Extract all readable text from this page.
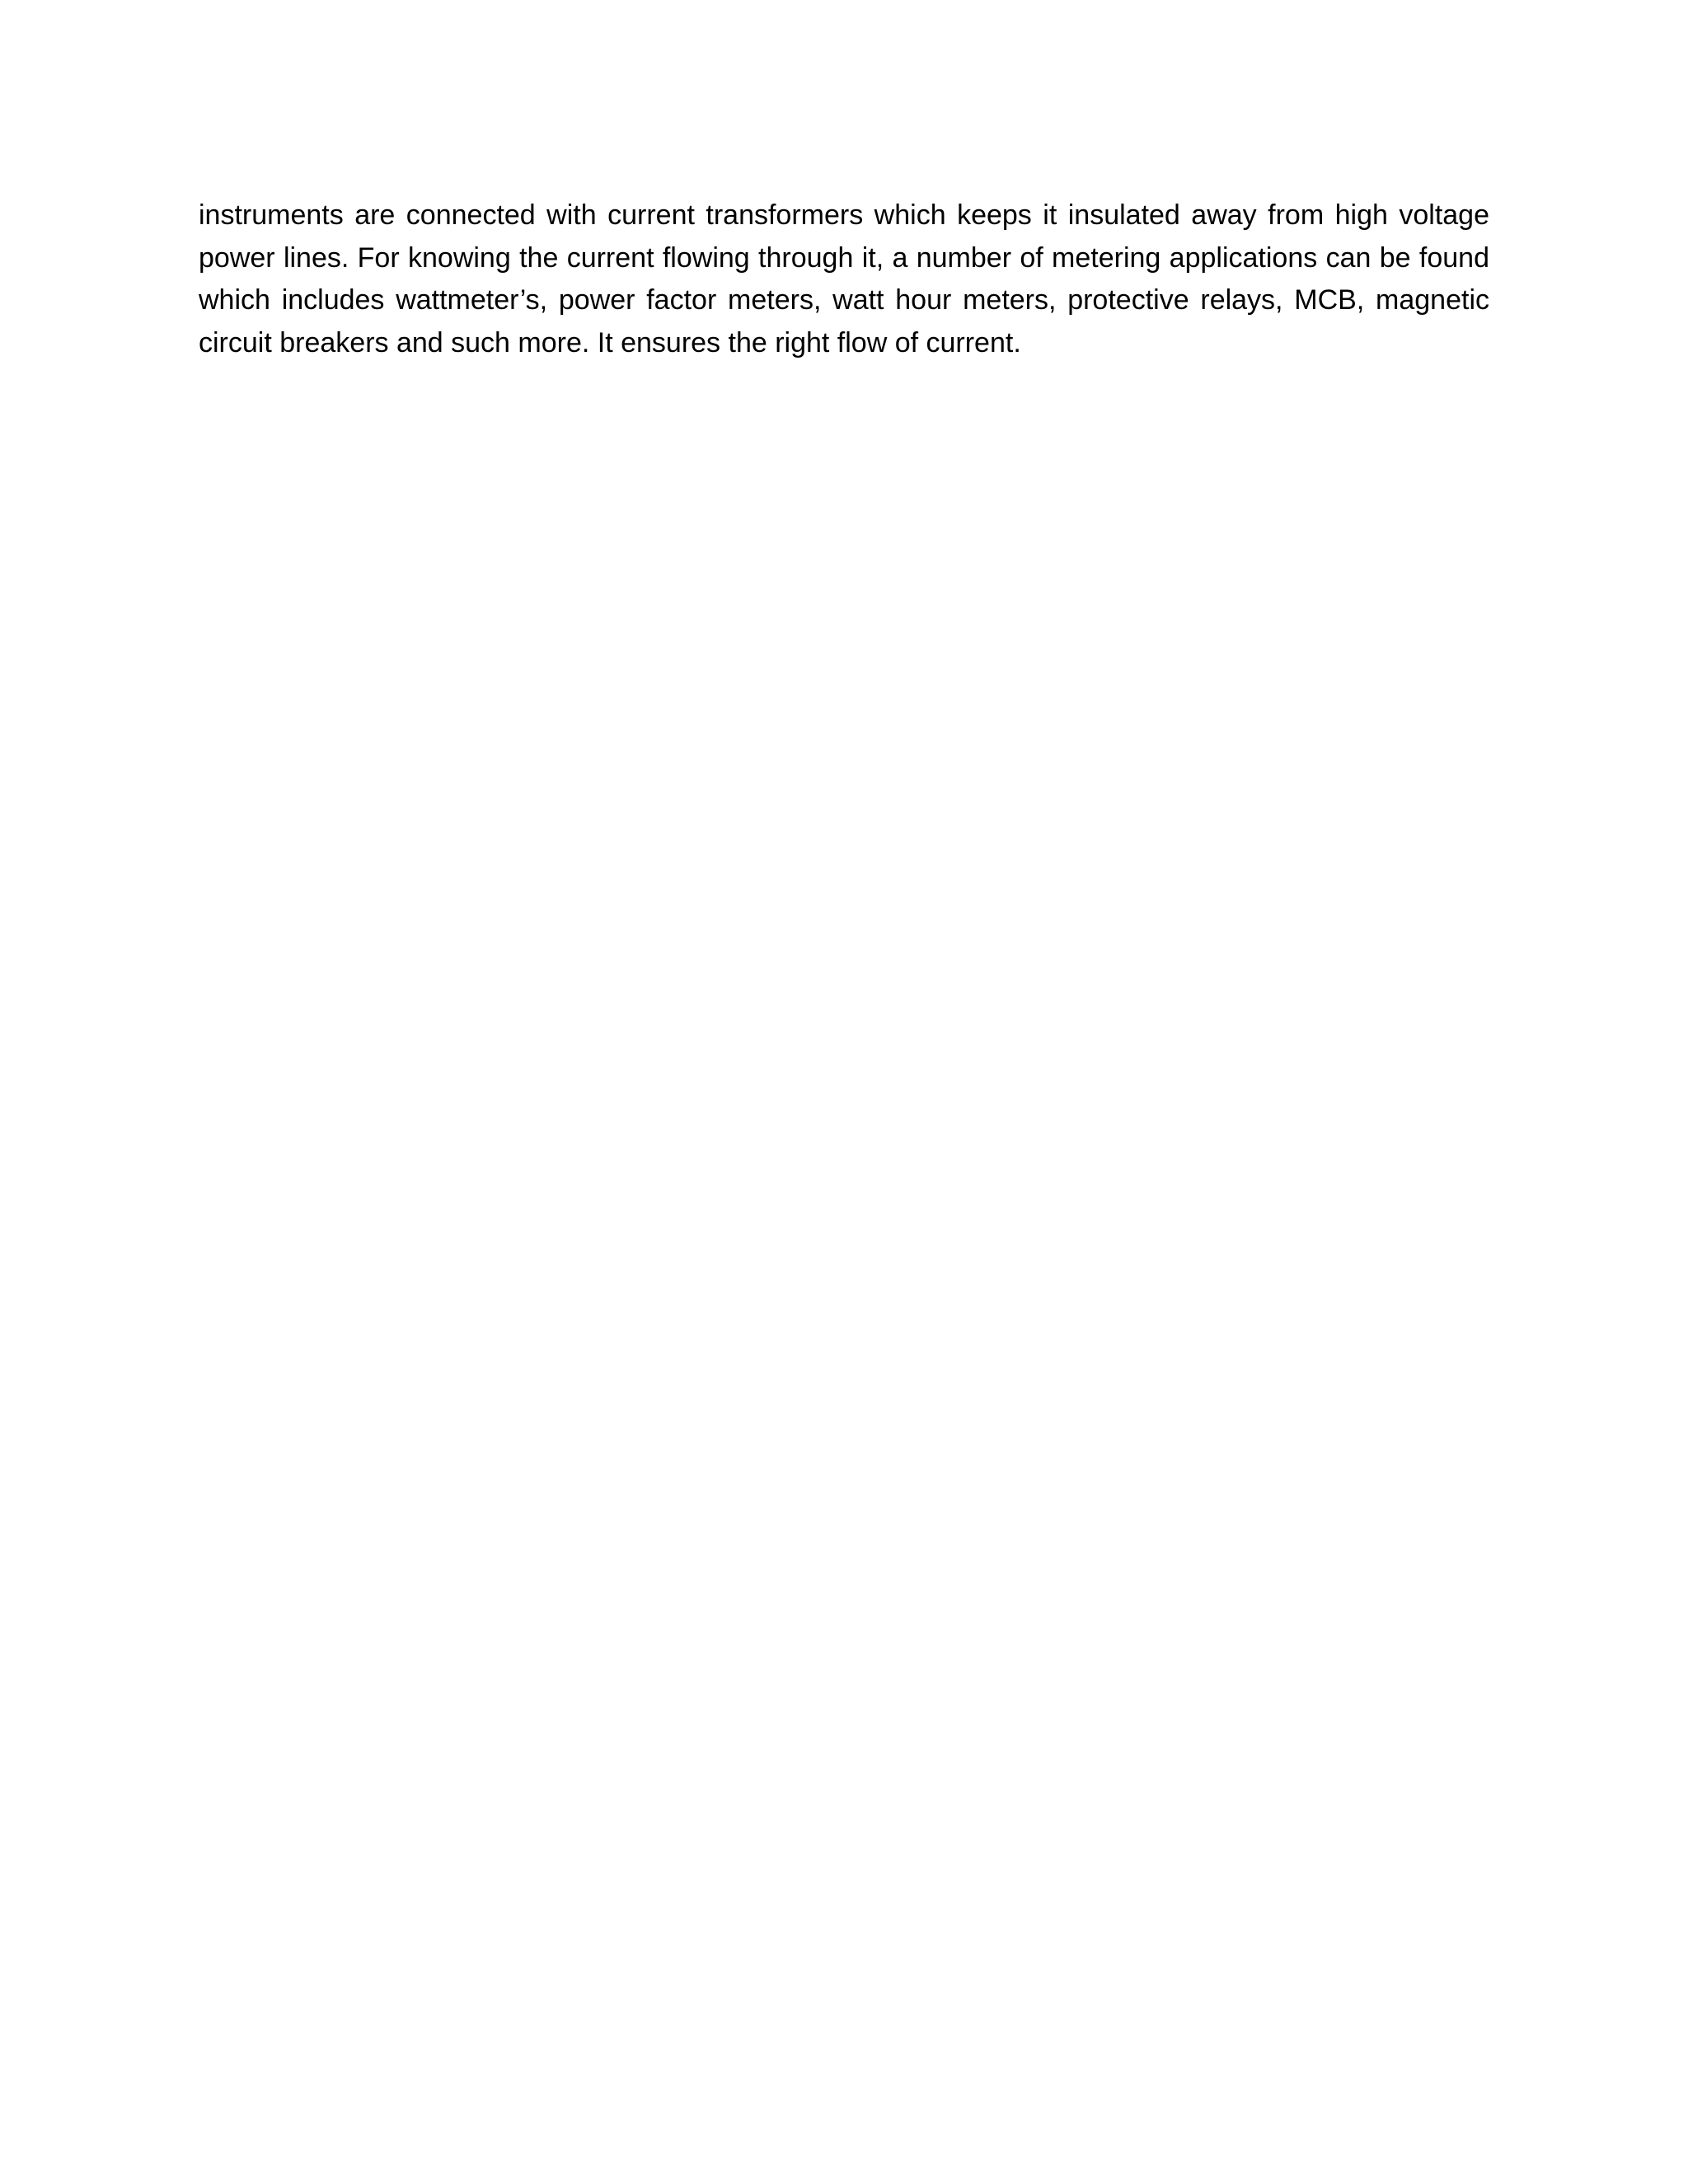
instruments are connected with current transformers which keeps it insulated away from high voltage power lines. For knowing the current flowing through it, a number of metering applications can be found which includes wattmeter’s, power factor meters, watt hour meters, protective relays, MCB, magnetic circuit breakers and such more. It ensures the right flow of current.
